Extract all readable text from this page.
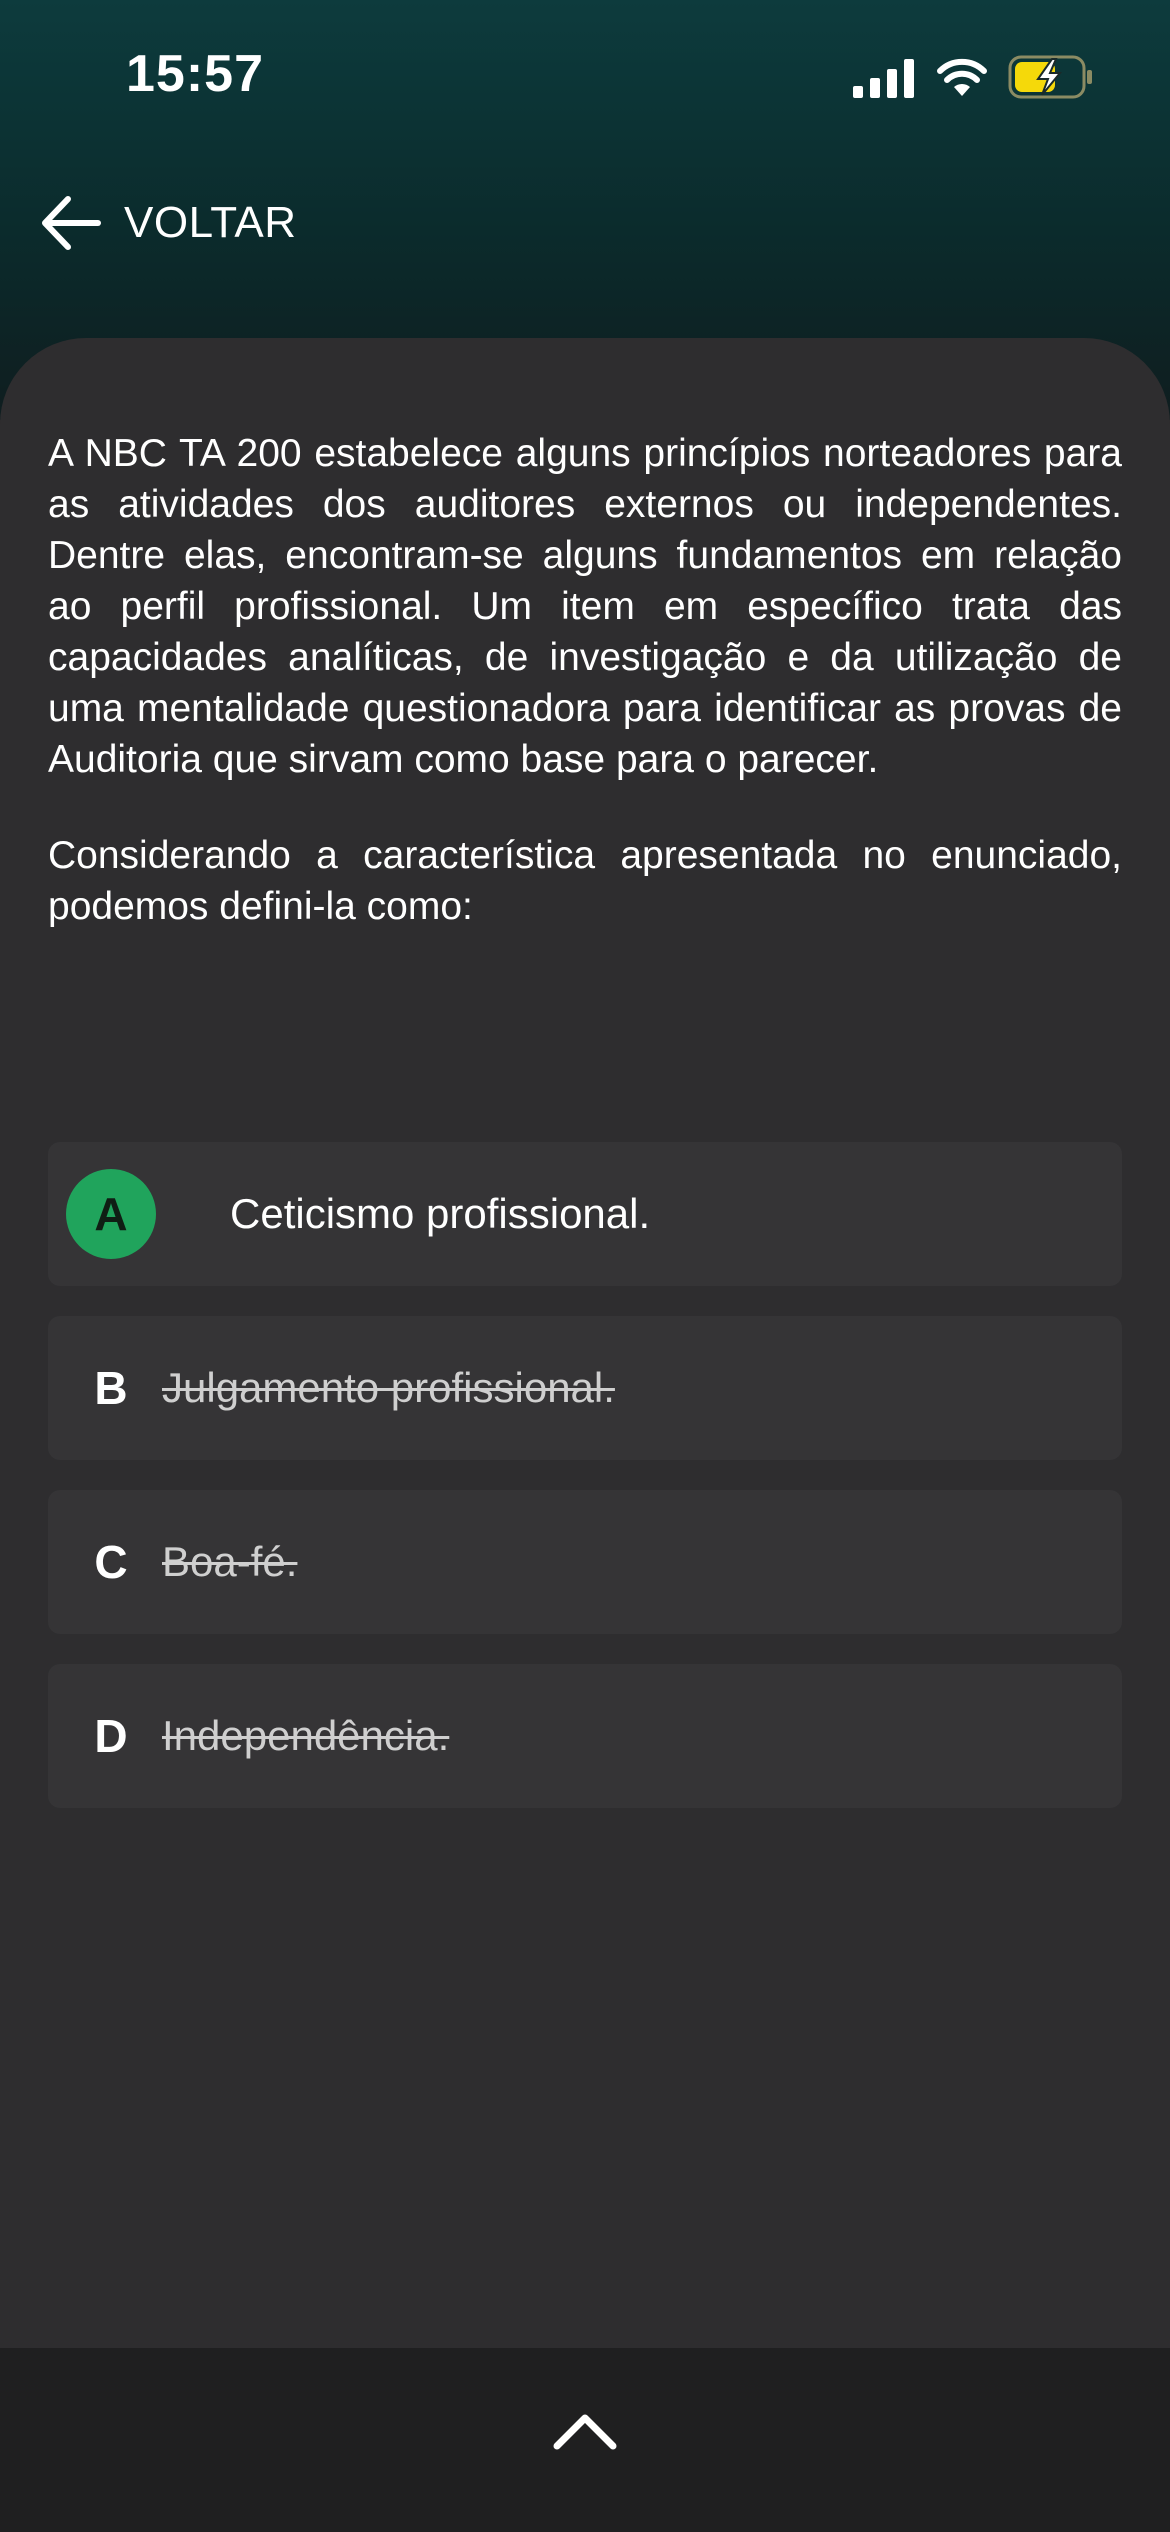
15:57
VOLTAR

A NBC TA 200 estabelece alguns princípios norteadores para as atividades dos auditores externos ou independentes. Dentre elas, encontram-se alguns fundamentos em relação ao perfil profissional. Um item em específico trata das capacidades analíticas, de investigação e da utilização de uma mentalidade questionadora para identificar as provas de Auditoria que sirvam como base para o parecer.

Considerando a característica apresentada no enunciado, podemos defini-la como:

A	Ceticismo profissional.
B Julgamento profissional.
C Boa-fé.
D Independência.
